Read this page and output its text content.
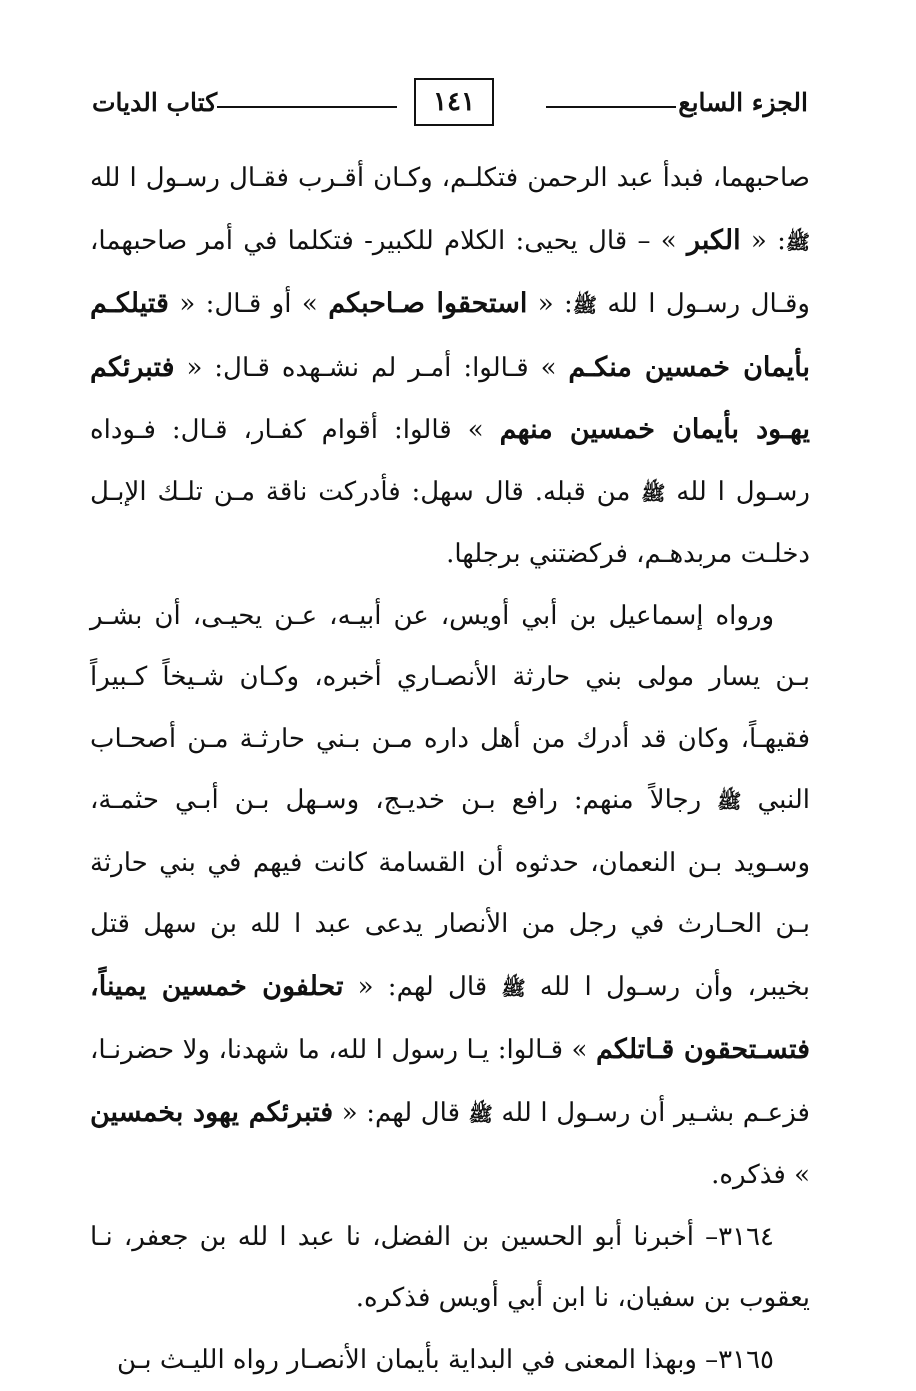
الجزء السابع
١٤١
كتاب الديات

صاحبهما، فبدأ عبد الرحمن فتكلـم، وكـان أقـرب فقـال رسـول ا لله ﷺ: « الكبر » – قال يحيى: الكلام للكبير- فتكلما في أمر صاحبهما، وقـال رسـول ا لله ﷺ: « استحقوا صـاحبكم » أو قـال: « قتيلكـم بأيمان خمسين منكـم » قـالوا: أمـر لم نشـهده قـال: « فتبرئكم يهـود بأيمان خمسين منهم » قالوا: أقوام كفـار، قـال: فـوداه رسـول ا لله ﷺ من قبله. قال سهل: فأدركت ناقة مـن تلـك الإبـل دخلـت مربدهـم، فركضتني برجلها.

ورواه إسماعيل بن أبي أويس، عن أبيـه، عـن يحيـى، أن بشـر بـن يسار مولى بني حارثة الأنصـاري أخبره، وكـان شـيخاً كـبيراً فقيهـاً، وكان قد أدرك من أهل داره مـن بـني حارثـة مـن أصحـاب النبي ﷺ رجالاً منهم: رافع بـن خديـج، وسـهل بـن أبـي حثمـة، وسـويد بـن النعمان، حدثوه أن القسامة كانت فيهم في بني حارثة بـن الحـارث في رجل من الأنصار يدعى عبد ا لله بن سهل قتل بخيبر، وأن رسـول ا لله ﷺ قال لهم: « تحلفون خمسين يميناً، فتسـتحقون قـاتلكم » قـالوا: يـا رسول ا لله، ما شهدنا، ولا حضرنـا، فزعـم بشـير أن رسـول ا لله ﷺ قال لهم: « فتبرئكم يهود بخمسين » فذكره.

٣١٦٤– أخبرنا أبو الحسين بن الفضل، نا عبد ا لله بن جعفر، نـا يعقوب بن سفيان، نا ابن أبي أويس فذكره.

٣١٦٥– وبهذا المعنى في البداية بأيمان الأنصـار رواه الليـث بـن
